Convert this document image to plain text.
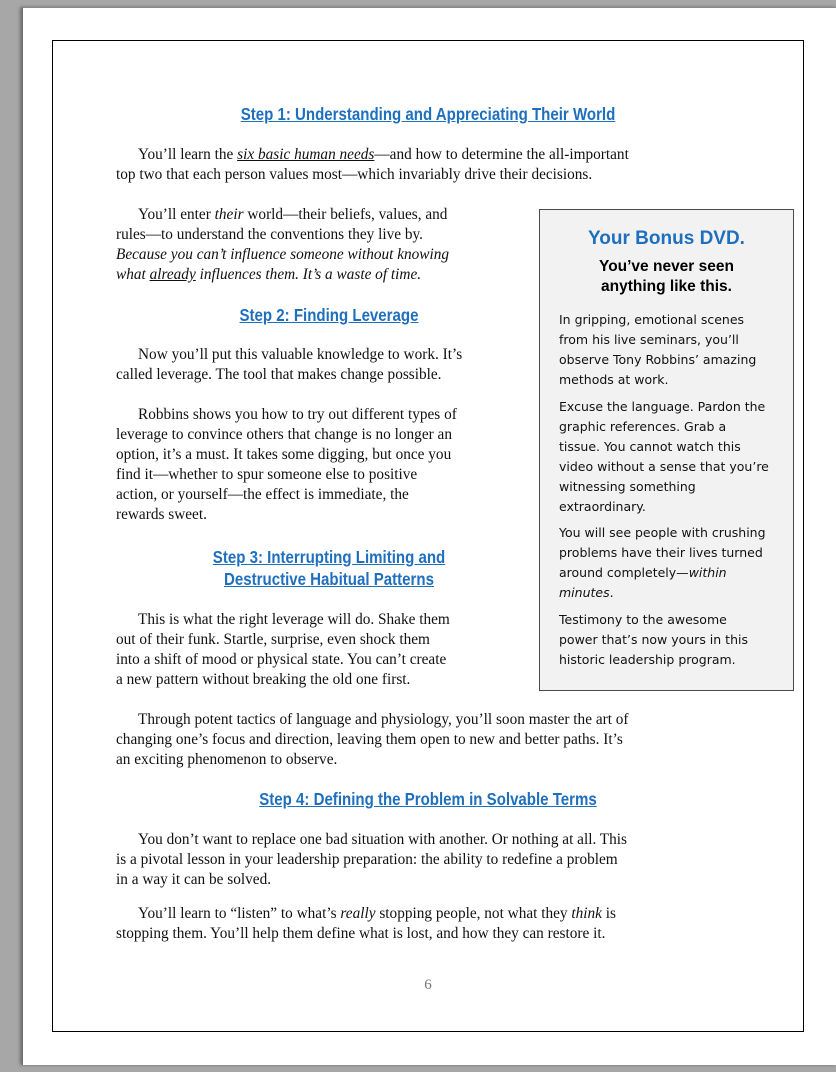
Step 1: Understanding and Appreciating Their World

You’ll learn the six basic human needs—and how to determine the all-important
top two that each person values most—which invariably drive their decisions.

You’ll enter their world—their beliefs, values, and
rules—to understand the conventions they live by.
Because you can’t influence someone without knowing
what already influences them. It’s a waste of time.

Step 2: Finding Leverage

Now you’ll put this valuable knowledge to work. It’s
called leverage. The tool that makes change possible.

Robbins shows you how to try out different types of
leverage to convince others that change is no longer an
option, it’s a must. It takes some digging, but once you
find it—whether to spur someone else to positive
action, or yourself—the effect is immediate, the
rewards sweet.

Step 3: Interrupting Limiting and
Destructive Habitual Patterns

This is what the right leverage will do. Shake them
out of their funk. Startle, surprise, even shock them
into a shift of mood or physical state. You can’t create
a new pattern without breaking the old one first.

Through potent tactics of language and physiology, you’ll soon master the art of
changing one’s focus and direction, leaving them open to new and better paths. It’s
an exciting phenomenon to observe.

Step 4: Defining the Problem in Solvable Terms

You don’t want to replace one bad situation with another. Or nothing at all. This
is a pivotal lesson in your leadership preparation: the ability to redefine a problem
in a way it can be solved.

You’ll learn to “listen” to what’s really stopping people, not what they think is
stopping them. You’ll help them define what is lost, and how they can restore it.

Your Bonus DVD.

You’ve never seen
anything like this.

In gripping, emotional scenes
from his live seminars, you’ll
observe Tony Robbins’ amazing
methods at work.

Excuse the language. Pardon the
graphic references. Grab a
tissue. You cannot watch this
video without a sense that you’re
witnessing something
extraordinary.

You will see people with crushing
problems have their lives turned
around completely—within
minutes.

Testimony to the awesome
power that’s now yours in this
historic leadership program.

6
